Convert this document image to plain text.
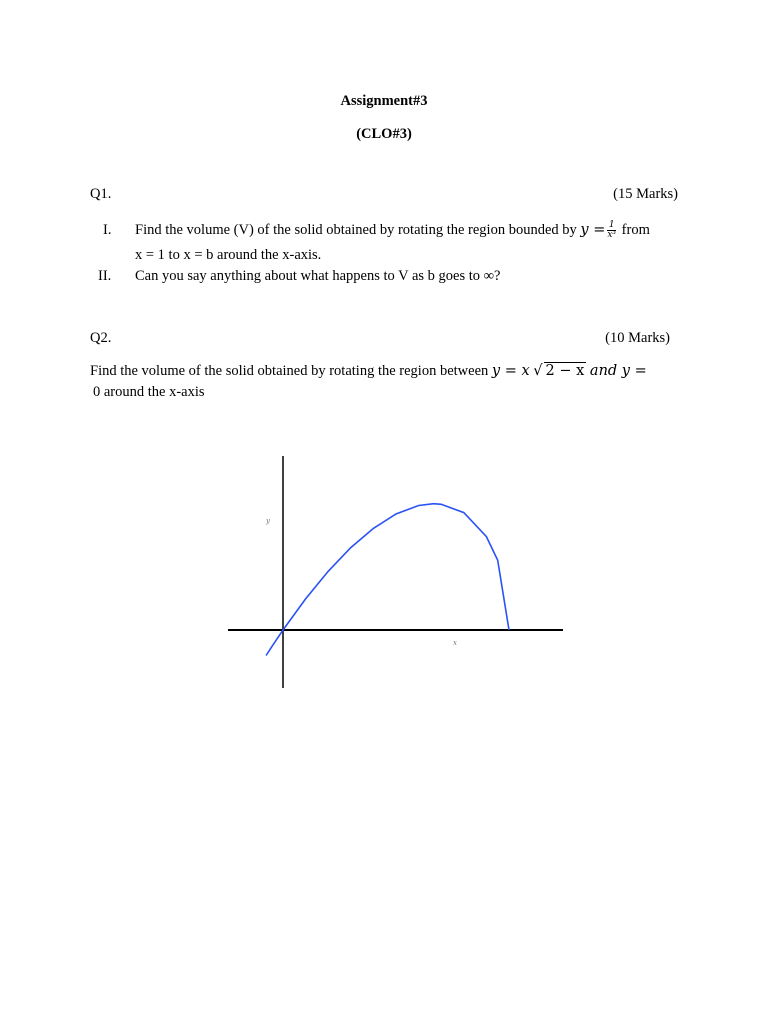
Assignment#3
(CLO#3)
Q1.	(15 Marks)
I. Find the volume (V) of the solid obtained by rotating the region bounded by $y = \frac{1}{\text{x³}}$ from
x = 1 to x = b around the x-axis.
II. Can you say anything about what happens to V as b goes to ∞?
Q2.	(10 Marks)
Find the volume of the solid obtained by rotating the region between y = x √ 2 − x and y =
0 around the x-axis
y
x
